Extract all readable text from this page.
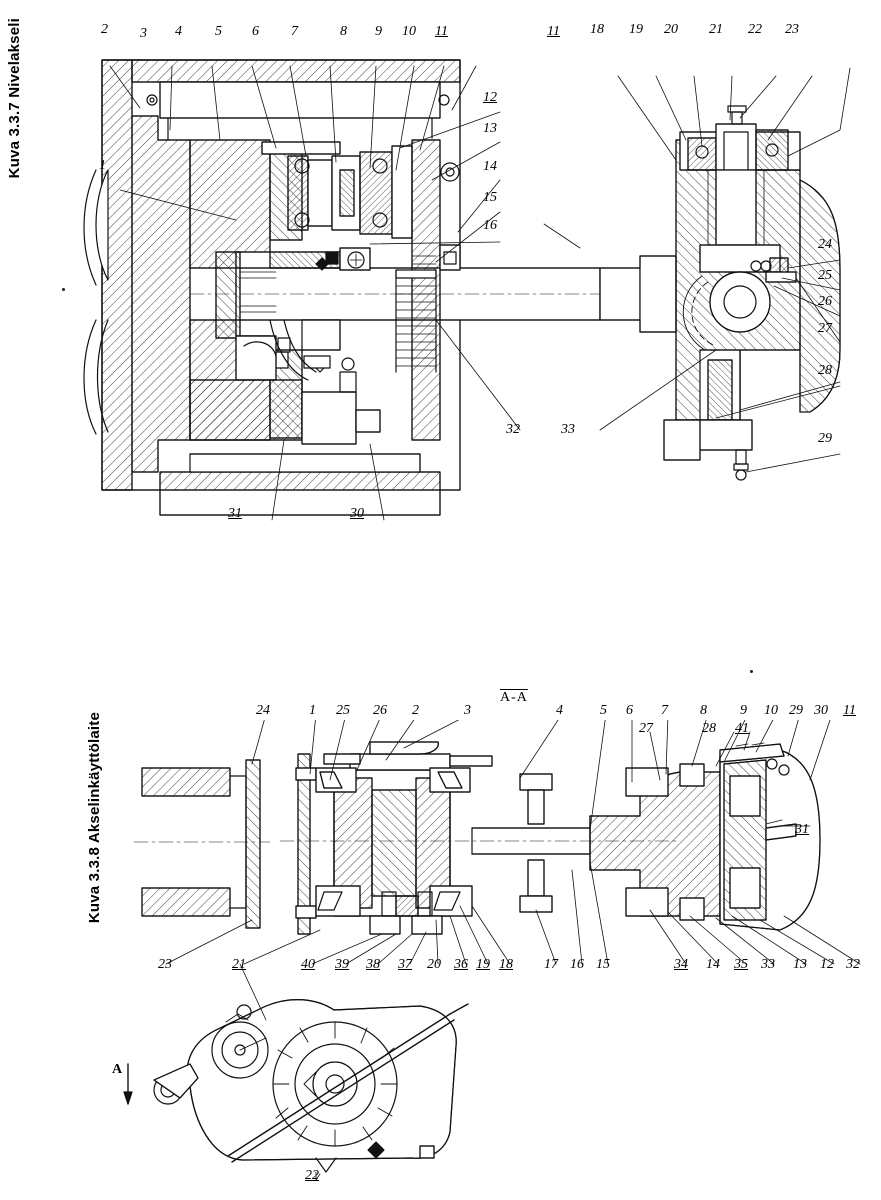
Kuva 3.3.7 Nivelakseli	2 3 4 5 6 7	8 9 10 11	11 18 19 20 21 22 23
12
13
14
15
16
1
24
25
26
27
28
29
32	33
31	30
Kuva 3.3.8 Akselinkäyttölaite
A-A
24	1 25 26 2	3	4	5 6 7 8 9 10 29 30 11
27	28 41
31
23	21	40 39 38 37 20 36 19 18 17 16 15	34 14 35 33 13 12 32
22
A
